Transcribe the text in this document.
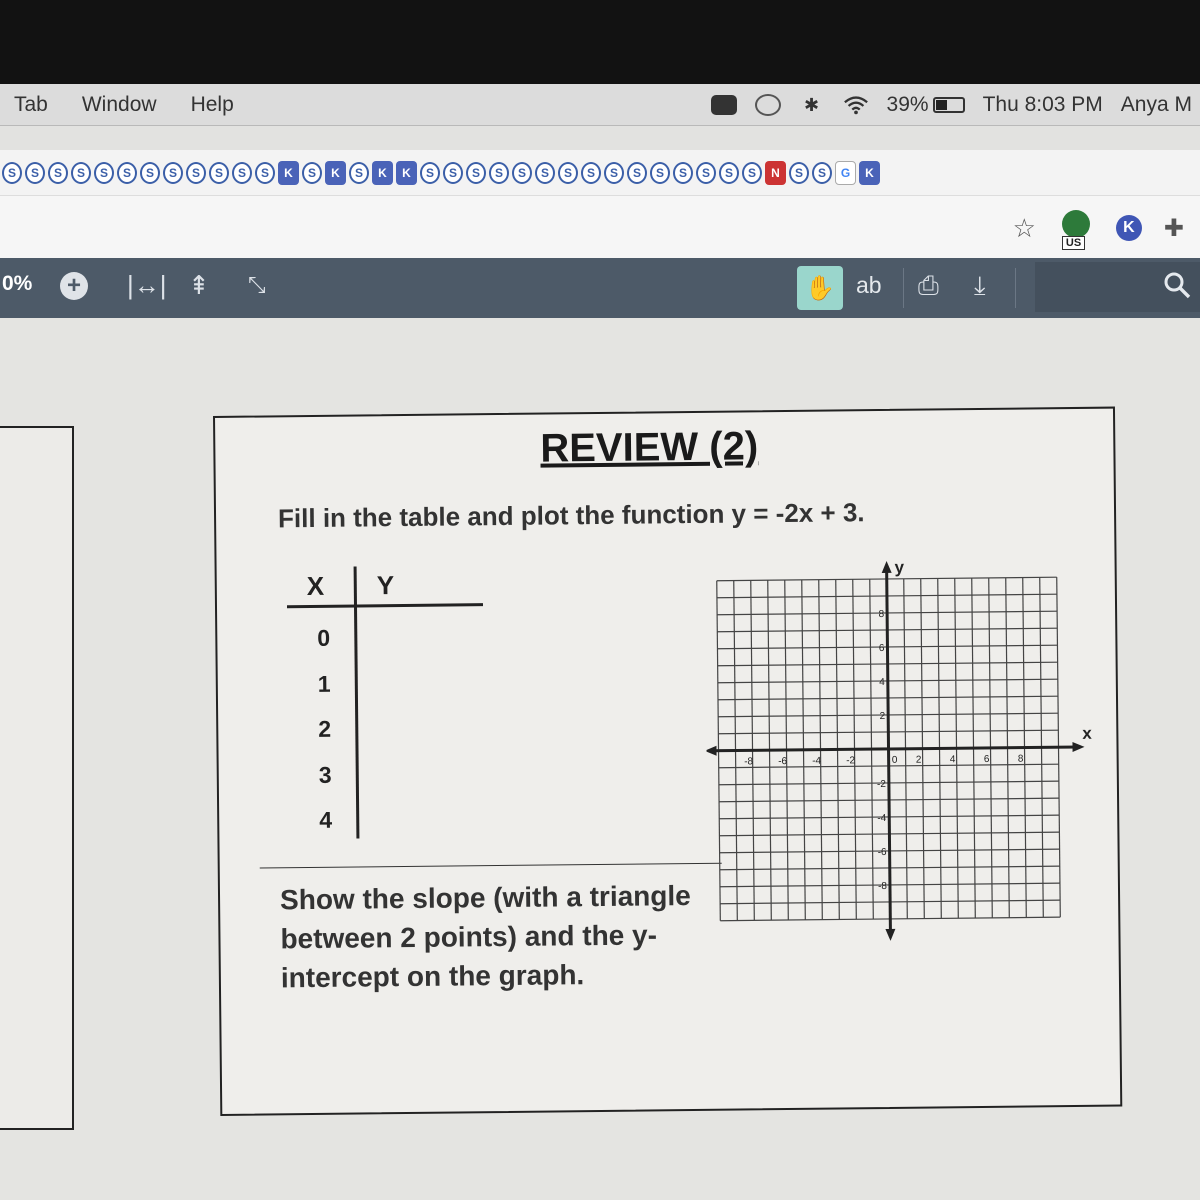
Tab Window Help	✱	39%	Thu 8:03 PM Anya M
S	S	S	S	S	S	S	S	S	S	S	S	K	S	K	S	K	K	S	S	S	S	S	S	S	S	S	S	S	S	S	S	S	N	S	S	G	K
☆
US
K	✚
0% + |↔| ⇞ ⤡	✋ ab ⎙ ⤓
REVIEW (2)
Fill in the table and plot the function y = -2x + 3.
X Y
0
1
2
3
4
Show the slope (with a triangle between 2 points) and the y-intercept on the graph.
x
y
-8 -6 -4 -2	0 2	4	6	8
8
6
4
2
-2
-4
-6
-8
